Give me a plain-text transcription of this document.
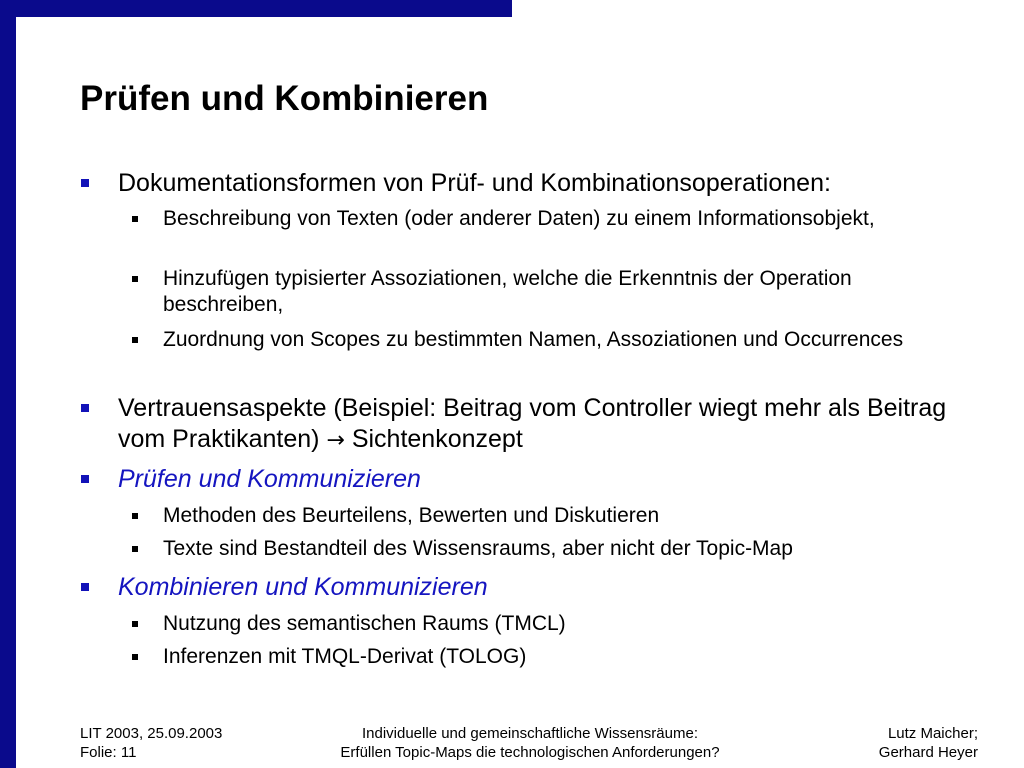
Prüfen und Kombinieren
Dokumentationsformen von Prüf- und Kombinationsoperationen:
Beschreibung von Texten (oder anderer Daten) zu einem Informationsobjekt,
Hinzufügen typisierter Assoziationen, welche die Erkenntnis der Operation beschreiben,
Zuordnung von Scopes zu bestimmten Namen, Assoziationen und Occurrences
Vertrauensaspekte (Beispiel: Beitrag vom Controller wiegt mehr als Beitrag vom Praktikanten) → Sichtenkonzept
Prüfen und Kommunizieren
Methoden des Beurteilens, Bewerten und Diskutieren
Texte sind Bestandteil des Wissensraums, aber nicht der Topic-Map
Kombinieren und Kommunizieren
Nutzung des semantischen Raums (TMCL)
Inferenzen mit TMQL-Derivat (TOLOG)
LIT 2003, 25.09.2003
Folie: 11
Individuelle und gemeinschaftliche Wissensräume:
Erfüllen Topic-Maps die technologischen Anforderungen?
Lutz Maicher;
Gerhard Heyer
